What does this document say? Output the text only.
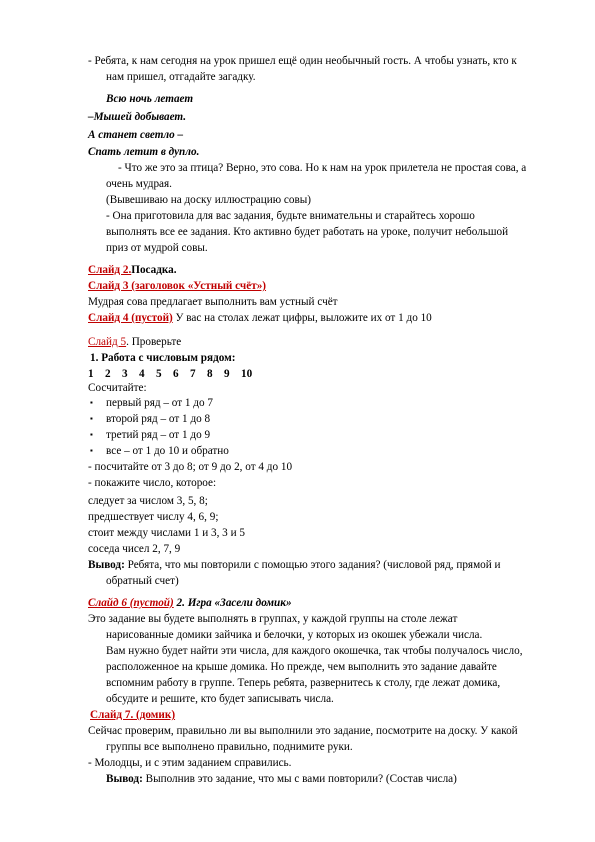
- Ребята, к нам сегодня на урок пришел ещё один необычный гость. А чтобы узнать, кто к
нам пришел, отгадайте загадку.
Всю ночь летает
–Мышей добывает.
А станет светло –
Спать летит в дупло.
- Что же это за птица? Верно, это сова. Но к нам на урок прилетела не простая сова, а
очень мудрая.
(Вывешиваю на доску иллюстрацию совы)
- Она приготовила для вас задания, будьте внимательны и старайтесь хорошо
выполнять все ее задания. Кто активно будет работать на уроке, получит небольшой
приз от мудрой совы.
Слайд 2.Посадка.
Слайд 3 (заголовок «Устный счёт»)
Мудрая сова предлагает выполнить вам устный счёт
Слайд 4 (пустой) У вас на столах лежат цифры, выложите их от 1 до 10
Слайд 5. Проверьте
1. Работа с числовым рядом:
1 2 3 4 5 6 7 8 9 10
Сосчитайте:
▪ первый ряд – от 1 до 7
▪ второй ряд – от 1 до 8
▪ третий ряд – от 1 до 9
▪ все – от 1 до 10 и обратно
- посчитайте от 3 до 8; от 9 до 2, от 4 до 10
- покажите число, которое:
следует за числом 3, 5, 8;
предшествует числу 4, 6, 9;
стоит между числами 1 и 3, 3 и 5
соседа чисел 2, 7, 9
Вывод: Ребята, что мы повторили с помощью этого задания? (числовой ряд, прямой и
обратный счет)
Слайд 6 (пустой) 2. Игра «Засели домик»
Это задание вы будете выполнять в группах, у каждой группы на столе лежат
нарисованные домики зайчика и белочки, у которых из окошек убежали числа.
Вам нужно будет найти эти числа, для каждого окошечка, так чтобы получалось число,
расположенное на крыше домика. Но прежде, чем выполнить это задание давайте
вспомним работу в группе. Теперь ребята, развернитесь к столу, где лежат домика,
обсудите и решите, кто будет записывать числа.
Слайд 7. (домик)
Сейчас проверим, правильно ли вы выполнили это задание, посмотрите на доску. У какой
группы все выполнено правильно, поднимите руки.
- Молодцы, и с этим заданием справились.
Вывод: Выполнив это задание, что мы с вами повторили? (Состав числа)
